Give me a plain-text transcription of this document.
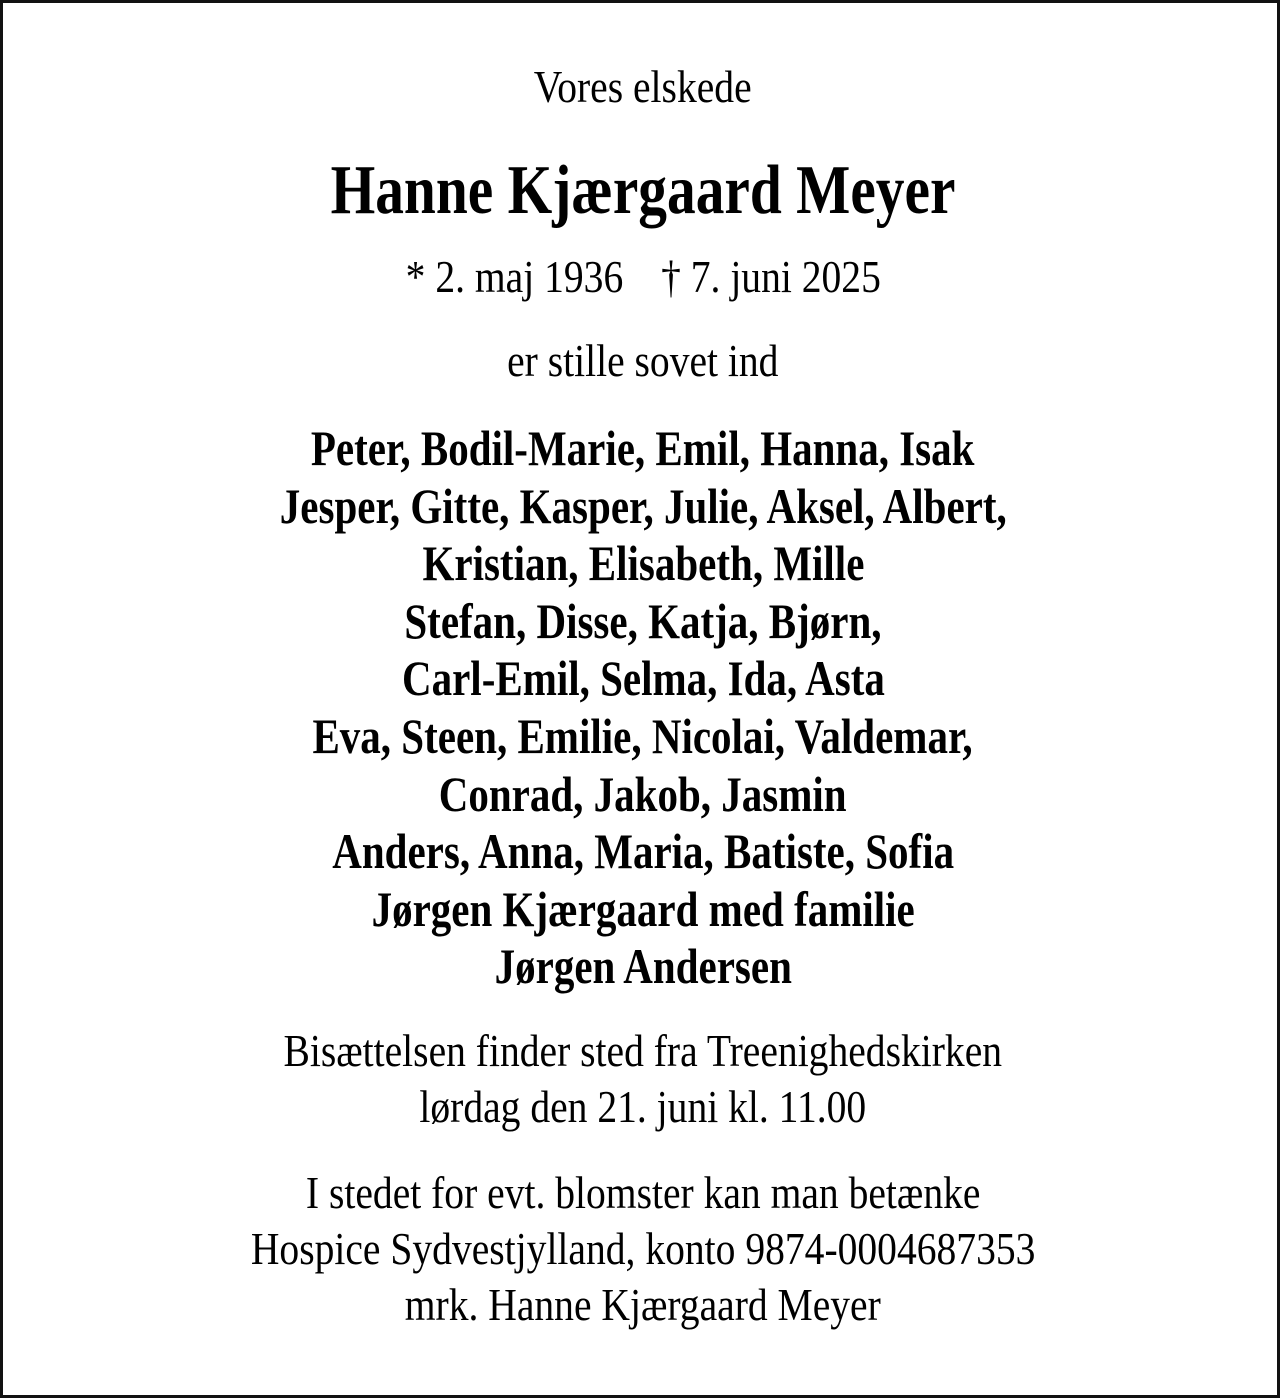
Vores elskede
Hanne Kjærgaard Meyer
* 2. maj 1936 † 7. juni 2025
er stille sovet ind
Peter, Bodil-Marie, Emil, Hanna, Isak
Jesper, Gitte, Kasper, Julie, Aksel, Albert,
Kristian, Elisabeth, Mille
Stefan, Disse, Katja, Bjørn,
Carl-Emil, Selma, Ida, Asta
Eva, Steen, Emilie, Nicolai, Valdemar,
Conrad, Jakob, Jasmin
Anders, Anna, Maria, Batiste, Sofia
Jørgen Kjærgaard med familie
Jørgen Andersen
Bisættelsen finder sted fra Treenighedskirken
lørdag den 21. juni kl. 11.00
I stedet for evt. blomster kan man betænke
Hospice Sydvestjylland, konto 9874-0004687353
mrk. Hanne Kjærgaard Meyer
